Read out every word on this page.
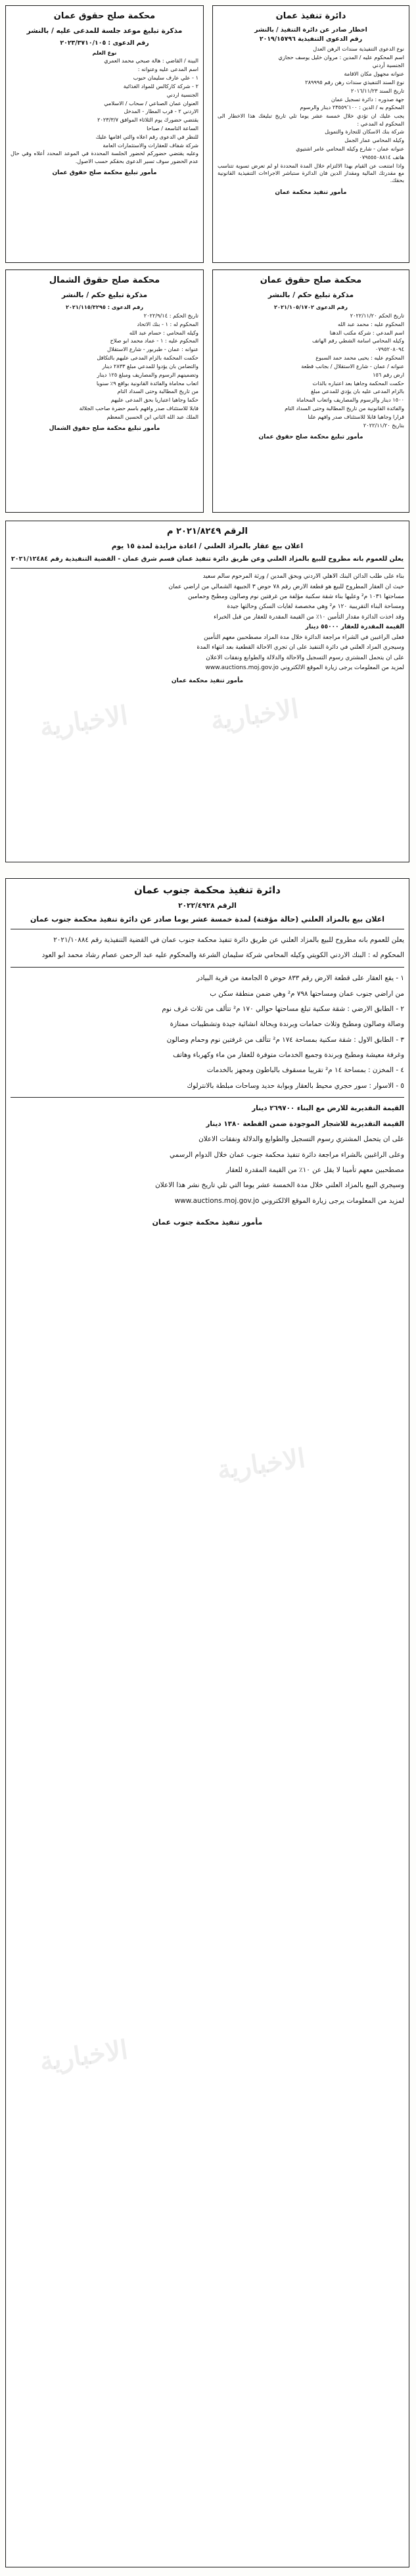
دائرة تنفيذ عمان
اخطار صادر عن دائرة التنفيذ / بالنشر
رقم الدعوى التنفيذية ٢٠١٩/١٥٧٩٦
نوع الدعوى التنفيذية سندات الرهن العدل
اسم المحكوم عليه / المدين : مروان خليل يوسف حجازي
الجنسية أردني
عنوانه مجهول مكان الاقامة
نوع السند التنفيذي سندات رهن رقم ٢٨٩٩٩٥
تاريخ السند ٢٠١٦/١١/٢٣
جهة صدوره : دائرة تسجيل عمان
المحكوم به / الدين : ٢٣٥٥٩٬١٠٠ دينار والرسوم
يجب عليك ان تؤدي خلال خمسة عشر يوما تلي تاريخ تبليغك هذا الاخطار الى المحكوم له المدعي :
شركة بنك الاسكان للتجارة والتمويل
وكيله المحامي عمار الجمل
عنوانه عمان - شارع وكيله المحامي عامر اشتيوي
هاتف ٠٧٩٥٥٥٠٨٨١٤
واذا امتنعت عن القيام بهذا الالتزام خلال المدة المحددة او لم تعرض تسوية تتناسب مع مقدرتك المالية ومقدار الدين فان الدائرة ستباشر الاجراءات التنفيذية القانونية بحقك.
مأمور تنفيذ محكمة عمان
محكمة صلح حقوق عمان
مذكرة تبليغ موعد جلسة للمدعى عليه / بالنشر
رقم الدعوى : ٢٠٢٣/٣٧١٠/١٠٥
نوع العلم
البينة / القاضي : هالة صبحي محمد العمري
اسم المدعى عليه وعنوانه :
١ - علي عارف سليمان حبوب
٢ - شركة كاركالس للمواد الغذائية
الجنسية اردني
العنوان عمان الصناعي / سحاب / الاسلامي
الاردني ٢ - قرب المطار - المدخل
يقتضي حضورك يوم الثلاثاء الموافق ٢٠٢٣/٣/٧
الساعة التاسعة / صباحا
للنظر في الدعوى رقم اعلاه والتي اقامها عليك
شركة شفاف للعقارات والاستثمارات العامة
وعليه يقتضي حضوركم لحضور الجلسة المحددة في الموعد المحدد أعلاه وفي حال عدم الحضور سوف تسير الدعوى بحقكم حسب الاصول.
مأمور تبليغ محكمة صلح حقوق عمان
محكمة صلح حقوق عمان
مذكرة تبليغ حكم / بالنشر
رقم الدعوى ٢٠٢١/١٠٥/١٧٠٢
تاريخ الحكم ٢٠٢٢/١١/٢٠
المحكوم عليه : محمد عبد الله
اسم المدعي : شركة مكتب الدهنا
وكيله المحامي اسامة الشطي رقم الهاتف
٠٧٩٥٢٠٨٠٩٤
المحكوم عليه : يحيى محمد حمد السبوع
عنوانه / عمان - شارع الاستقلال / بجانب قطعة
ارض رقم ١٥٦
حكمت المحكمة وجاهيا بعد اعتباره بالذات
بالزام المدعى عليه بان يؤدي للمدعي مبلغ
١٥٠٠ دينار والرسوم والمصاريف واتعاب المحاماة
والفائدة القانونية من تاريخ المطالبة وحتى السداد التام
قرارا وجاهيا قابلا للاستئناف صدر وافهم علنا
بتاريخ ٢٠٢٢/١١/٢٠
مأمور تبليغ محكمة صلح حقوق عمان
محكمة صلح حقوق الشمال
مذكرة تبليغ حكم / بالنشر
رقم الدعوى : ٢٠٢١/١١٥/٣٢٩٥
تاريخ الحكم : ٢٠٢٢/٩/١٤
المحكوم له : ١ - بنك الاتحاد
وكيله المحامي : حسام عبد الله
المحكوم عليه : ١ - عماد محمد ابو صلاح
عنوانه : عمان - طبربور - شارع الاستقلال
حكمت المحكمة بالزام المدعى عليهم بالتكافل
والتضامن بان يؤدوا للمدعي مبلغ ٢٨٣٣ دينار
وتضمينهم الرسوم والمصاريف ومبلغ ١٢٥ دينار
اتعاب محاماة والفائدة القانونية بواقع ٩٪ سنويا
من تاريخ المطالبة وحتى السداد التام
حكما وجاهيا اعتباريا بحق المدعى عليهم
قابلا للاستئناف صدر وافهم باسم حضرة صاحب الجلالة
الملك عبد الله الثاني ابن الحسين المعظم
مأمور تبليغ محكمة صلح حقوق الشمال
الرقم ٢٠٢١/٨٢٤٩ م
اعلان بيع عقار بالمزاد العلني / اعادة مزايدة لمدة ١٥ يوم
يعلن للعموم بانه مطروح للبيع بالمزاد العلني وعن طريق دائرة تنفيذ عمان قسم شرق عمان - القضية التنفيذية رقم ٢٠٢١/١٢٤٨٤
بناء على طلب الدائن البنك الاهلي الاردني وبحق المدين / ورثة المرحوم سالم سعيد
حيث ان العقار المطروح للبيع هو قطعة الارض رقم ٧٨ حوض ٣ الجبيهة الشمالي من اراضي عمان
مساحتها ١٠٣١ م² وعليها بناء شقة سكنية مؤلفة من غرفتين نوم وصالون ومطبخ وحمامين
ومساحة البناء التقريبية ١٢٠ م² وهي مخصصة لغايات السكن وحالتها جيدة
وقد اخذت الدائرة مقدار التأمين ١٠٪ من القيمة المقدرة للعقار من قبل الخبراء
القيمة المقدرة للعقار ٥٥٠٠٠ دينار
فعلى الراغبين في الشراء مراجعة الدائرة خلال مدة المزاد مصطحبين معهم التأمين
وسيجري المزاد العلني في دائرة التنفيذ على ان تجري الاحالة القطعية بعد انتهاء المدة
على ان يتحمل المشتري رسوم التسجيل والاحالة والدلالة والطوابع ونفقات الاعلان
لمزيد من المعلومات يرجى زيارة الموقع الالكتروني www.auctions.moj.gov.jo
مأمور تنفيذ محكمة عمان
دائرة تنفيذ محكمة جنوب عمان
الرقم ٢٠٢٢/٤٩٢٨
اعلان بيع بالمزاد العلني (حالة مؤقتة) لمدة خمسة عشر يوما صادر عن دائرة تنفيذ محكمة جنوب عمان
يعلن للعموم بانه مطروح للبيع بالمزاد العلني عن طريق دائرة تنفيذ محكمة جنوب عمان في القضية التنفيذية رقم ٢٠٢١/١٠٨٨٤
المحكوم له : البنك الاردني الكويتي وكيله المحامي شركة سليمان الشرعة والمحكوم عليه عبد الرحمن عصام رشاد محمد ابو العود
١ - يقع العقار على قطعة الارض رقم ٨٣٣ حوض ٥ الجامعة من قرية البيادر
من اراضي جنوب عمان ومساحتها ٧٩٨ م² وهي ضمن منطقة سكن ب
٢ - الطابق الارضي : شقة سكنية تبلغ مساحتها حوالي ١٧٠ م² تتألف من ثلاث غرف نوم
وصالة وصالون ومطبخ وثلاث حمامات وبرندة وبحالة انشائية جيدة وتشطيبات ممتازة
٣ - الطابق الاول : شقة سكنية بمساحة ١٧٤ م² تتألف من غرفتين نوم وحمام وصالون
وغرفة معيشة ومطبخ وبرندة وجميع الخدمات متوفرة للعقار من ماء وكهرباء وهاتف
٤ - المخزن : بمساحة ١٤ م² تقريبا مسقوف بالباطون ومجهز بالخدمات
٥ - الاسوار : سور حجري محيط بالعقار وبوابة حديد وساحات مبلطة بالانترلوك
القيمة التقديرية للارض مع البناء ٢٦٩٧٠٠ دينار
القيمة التقديرية للاشجار الموجودة ضمن القطعة ١٣٨٠ دينار
على ان يتحمل المشتري رسوم التسجيل والطوابع والدلالة ونفقات الاعلان
وعلى الراغبين بالشراء مراجعة دائرة تنفيذ محكمة جنوب عمان خلال الدوام الرسمي
مصطحبين معهم تأمينا لا يقل عن ١٠٪ من القيمة المقدرة للعقار
وسيجري البيع بالمزاد العلني خلال مدة الخمسة عشر يوما التي تلي تاريخ نشر هذا الاعلان
لمزيد من المعلومات يرجى زيارة الموقع الالكتروني www.auctions.moj.gov.jo
مأمور تنفيذ محكمة جنوب عمان
